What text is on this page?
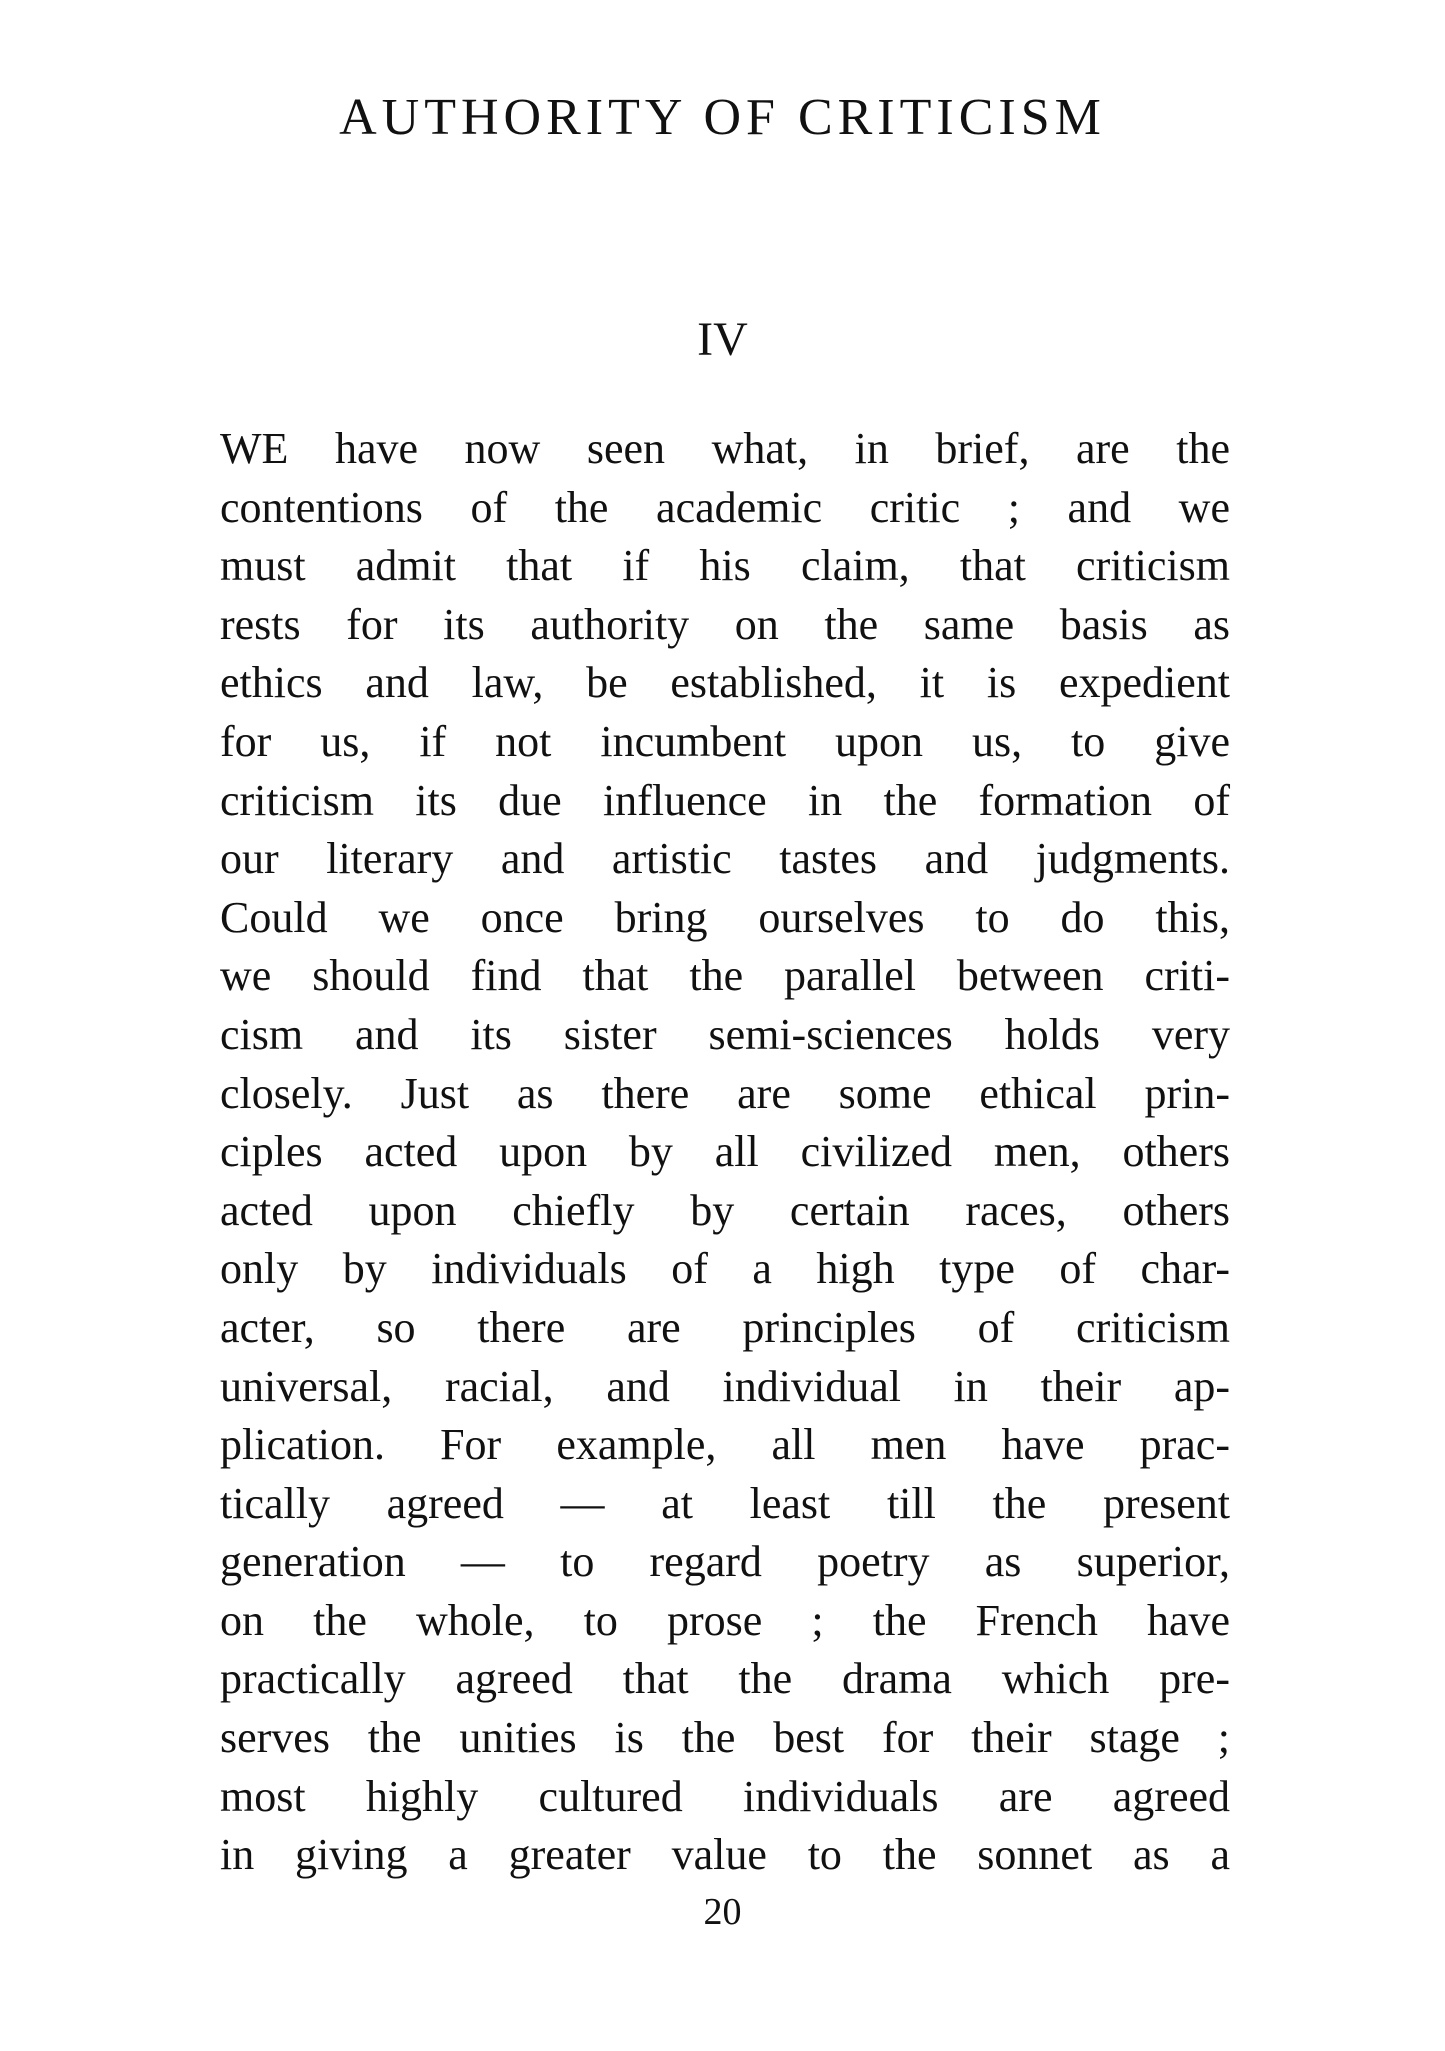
AUTHORITY OF CRITICISM
IV
WE have now seen what, in brief, are the
contentions of the academic critic ; and we
must admit that if his claim, that criticism
rests for its authority on the same basis as
ethics and law, be established, it is expedient
for us, if not incumbent upon us, to give
criticism its due influence in the formation of
our literary and artistic tastes and judgments.
Could we once bring ourselves to do this,
we should find that the parallel between criti-
cism and its sister semi-sciences holds very
closely. Just as there are some ethical prin-
ciples acted upon by all civilized men, others
acted upon chiefly by certain races, others
only by individuals of a high type of char-
acter, so there are principles of criticism
universal, racial, and individual in their ap-
plication. For example, all men have prac-
tically agreed — at least till the present
generation — to regard poetry as superior,
on the whole, to prose ; the French have
practically agreed that the drama which pre-
serves the unities is the best for their stage ;
most highly cultured individuals are agreed
in giving a greater value to the sonnet as a
20
